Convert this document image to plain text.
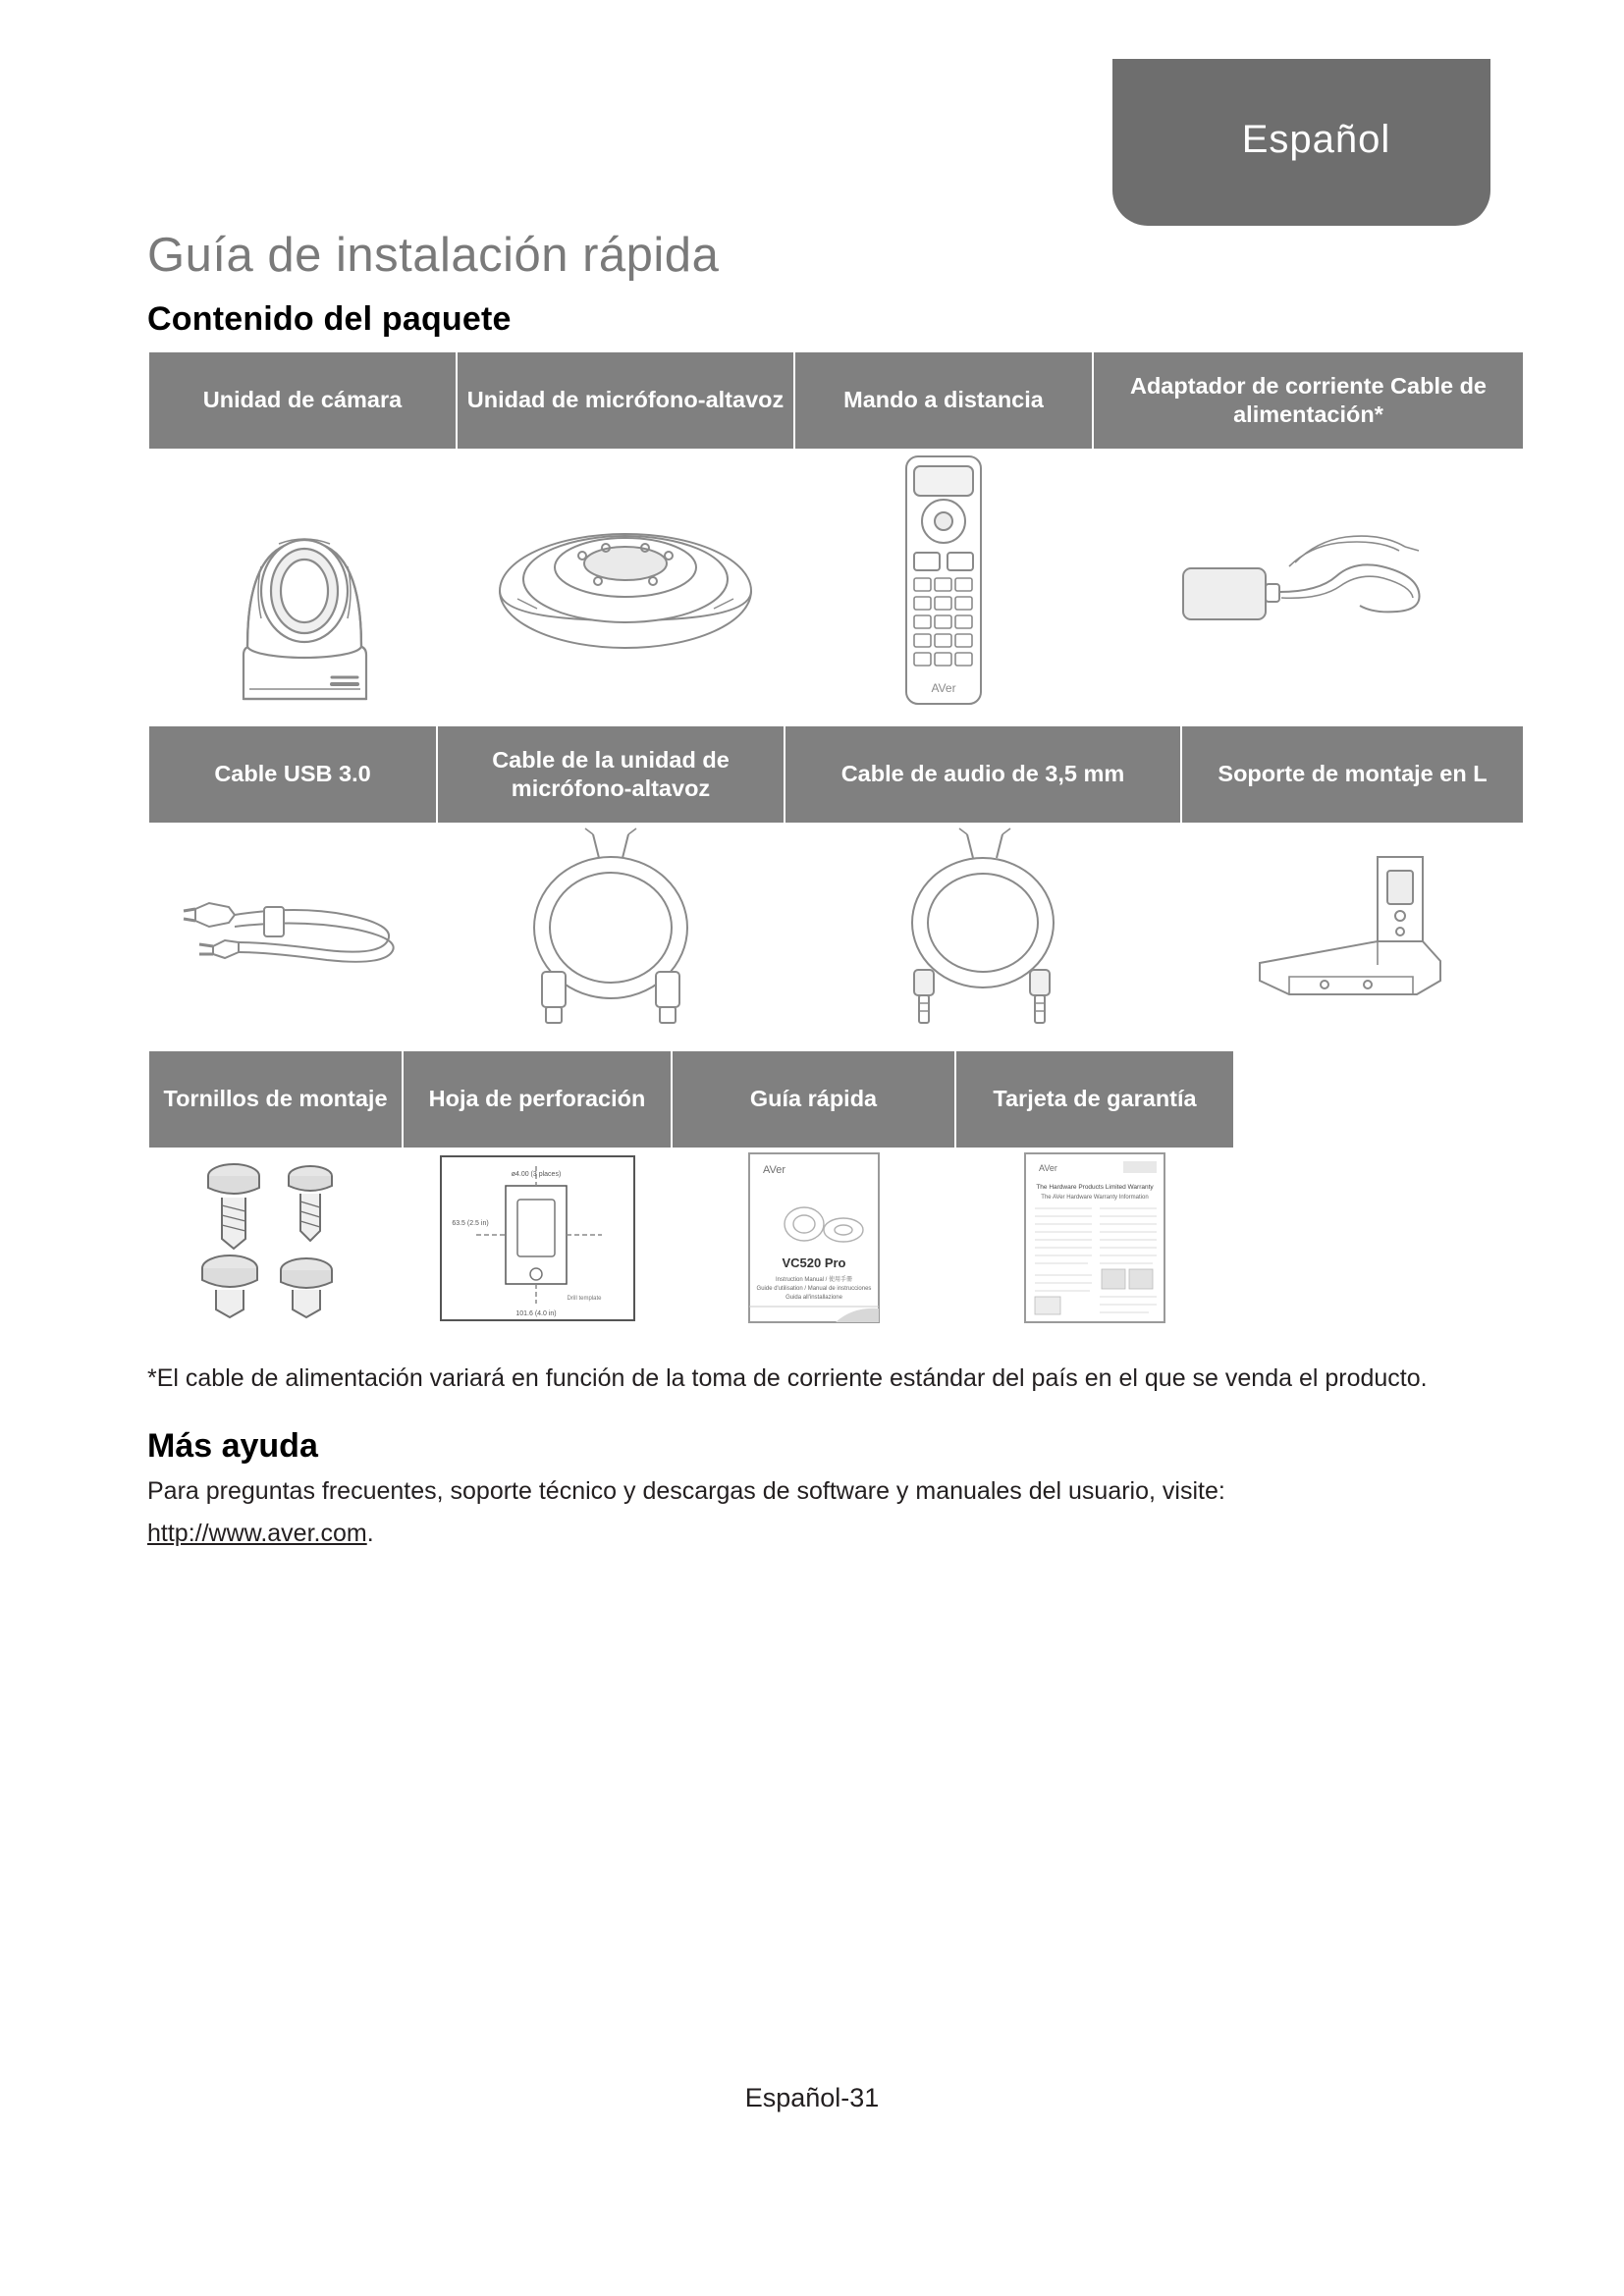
Español
Guía de instalación rápida
Contenido del paquete
Unidad de cámara	Unidad de micrófono-altavoz	Mando a distancia	Adaptador de corriente Cable de alimentación*

AVer

Cable USB 3.0	Cable de la unidad de micrófono-altavoz	Cable de audio de 3,5 mm	Soporte de montaje en L

Tornillos de montaje	Hoja de perforación	Guía rápida	Tarjeta de garantía

ø4.00 (3 places)
63.5 (2.5 in)
101.6 (4.0 in)
Drill template	AVer
VC520 Pro
Instruction Manual / 使用手冊
Guide d'utilisation / Manual de instrucciones
Guida all'installazione	AVer
The Hardware Products Limited Warranty
The AVer Hardware Warranty Information

*El cable de alimentación variará en función de la toma de corriente estándar del país en el que se venda el producto.

Más ayuda

Para preguntas frecuentes, soporte técnico y descargas de software y manuales del usuario, visite:

http://www.aver.com.

Español-31
